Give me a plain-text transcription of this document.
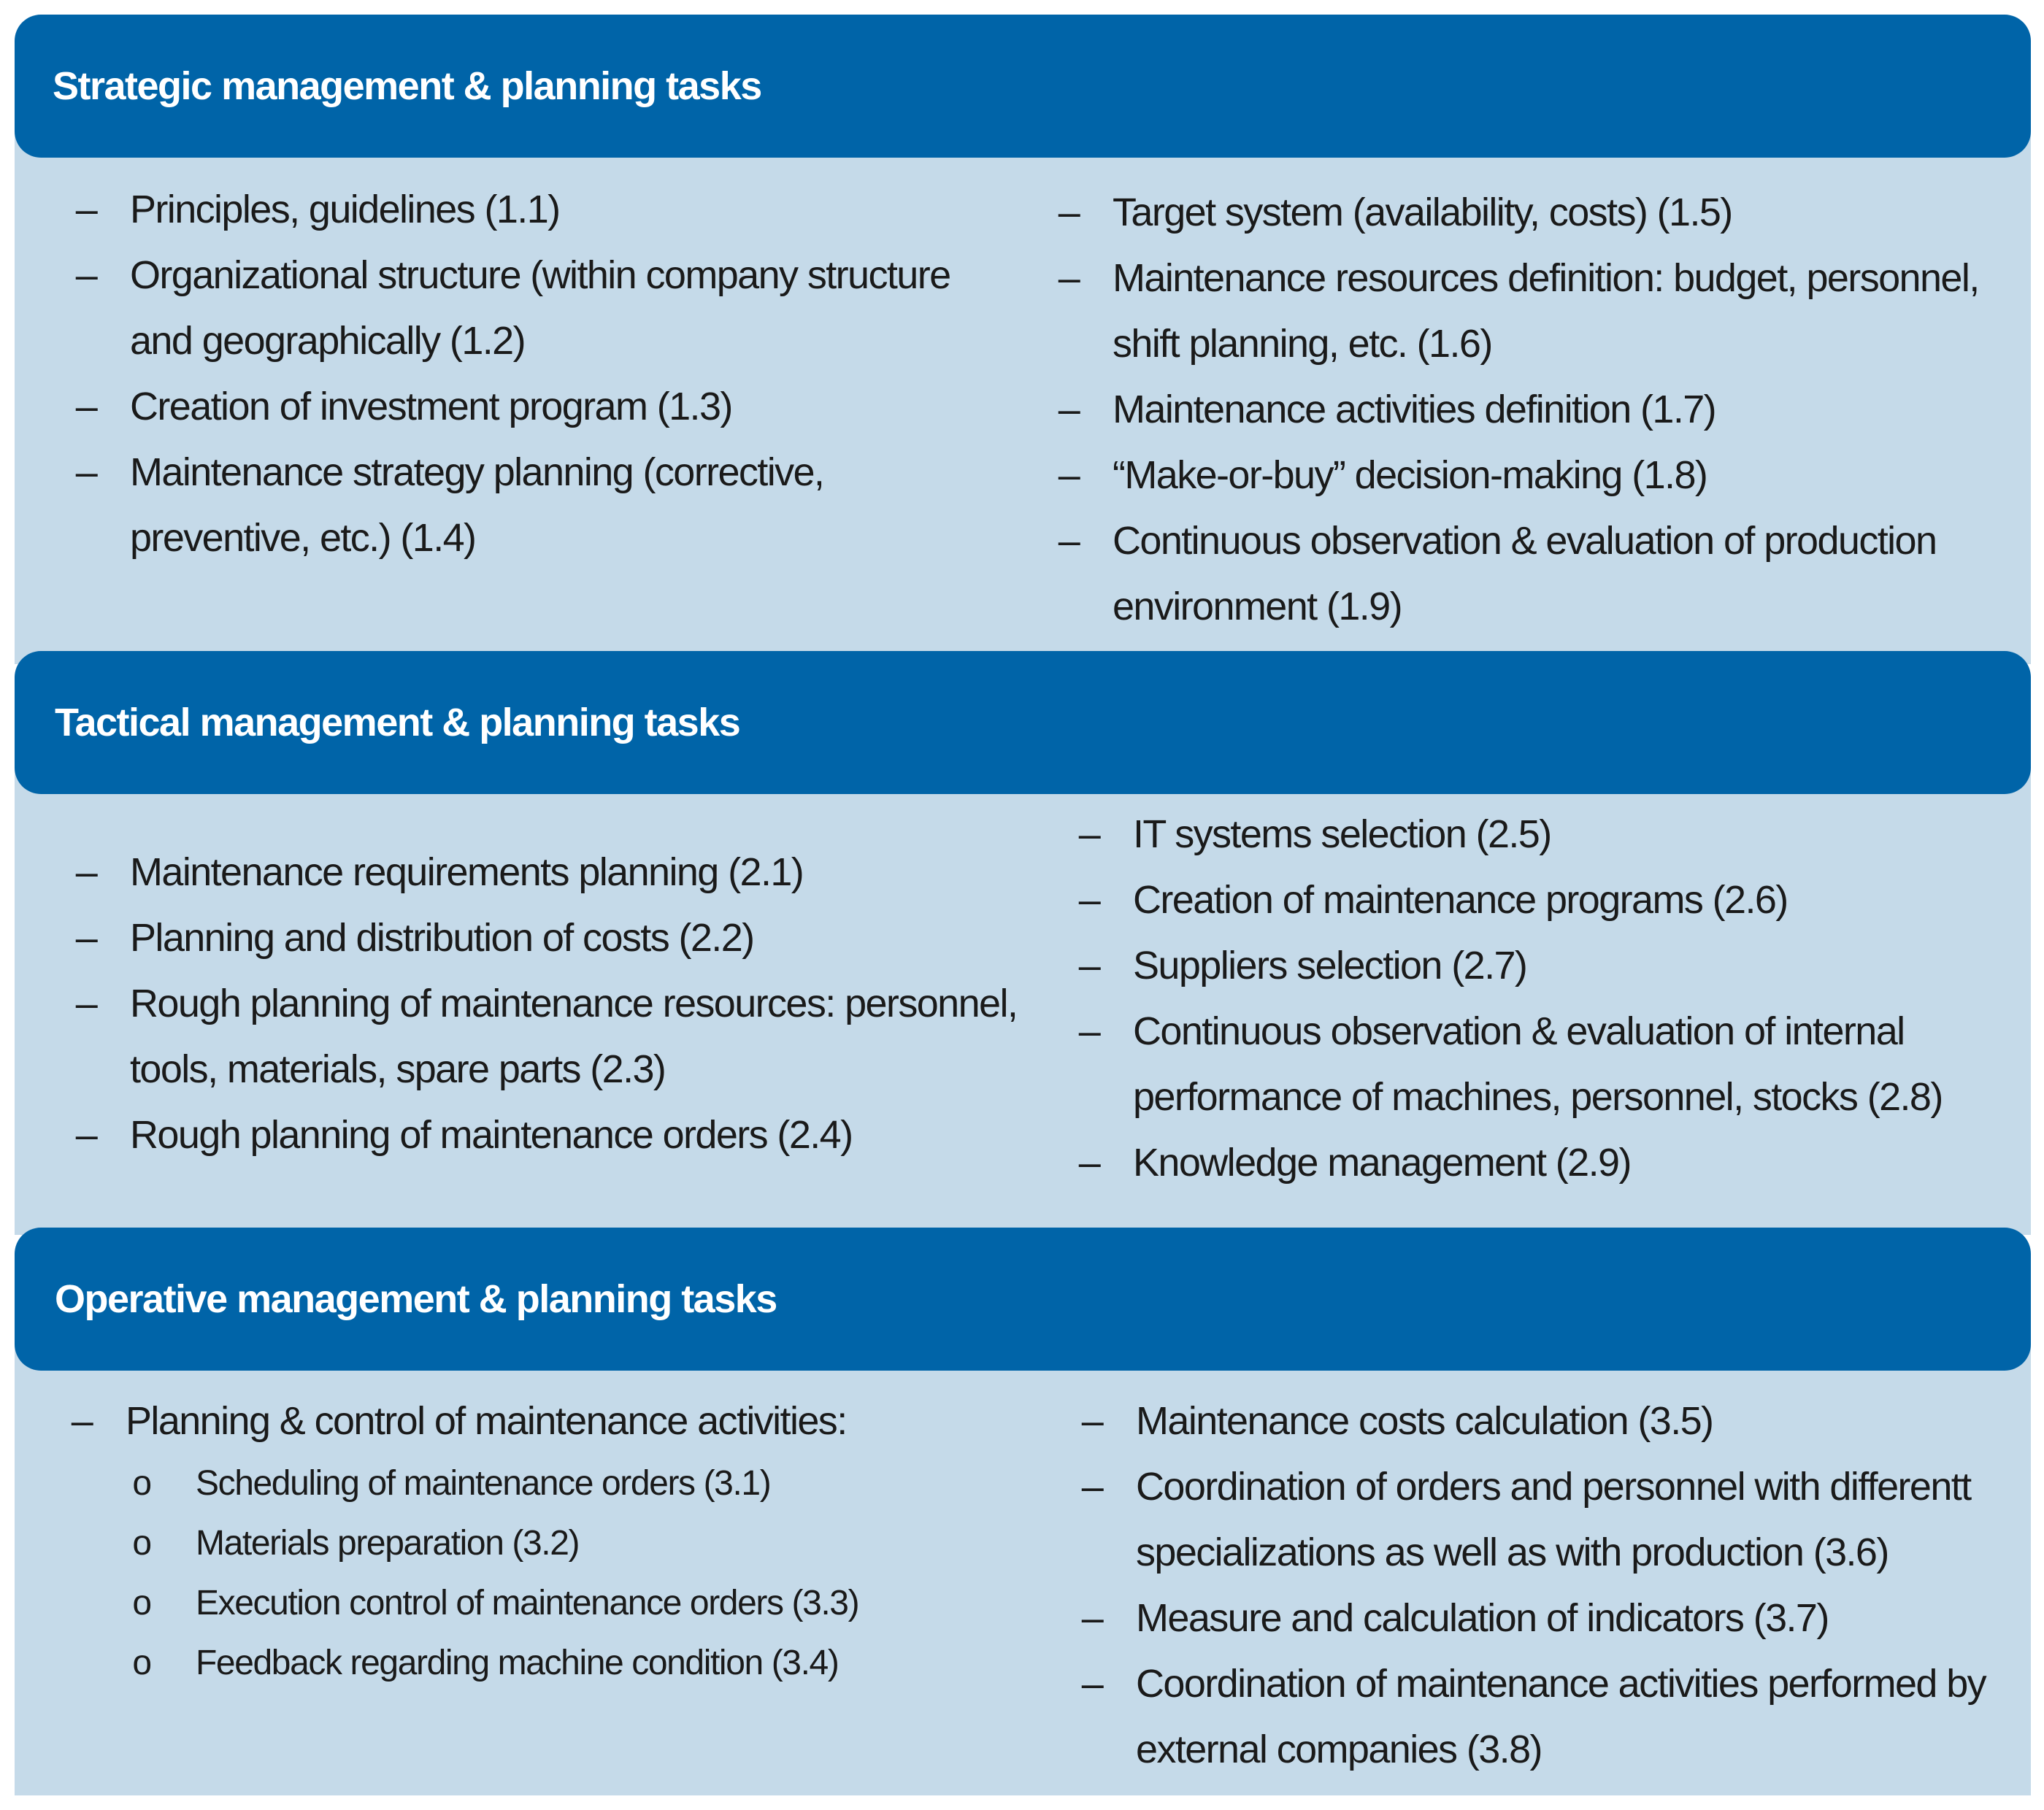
Strategic management & planning tasks
– Principles, guidelines (1.1)
– Organizational structure (within company structure
and geographically (1.2)
– Creation of investment program (1.3)
– Maintenance strategy planning (corrective,
preventive, etc.) (1.4)
– Target system (availability, costs) (1.5)
– Maintenance resources definition: budget, personnel,
shift planning, etc. (1.6)
– Maintenance activities definition (1.7)
– “Make-or-buy” decision-making (1.8)
– Continuous observation & evaluation of production
environment (1.9)
Tactical management & planning tasks
– Maintenance requirements planning (2.1)
– Planning and distribution of costs (2.2)
– Rough planning of maintenance resources: personnel,
tools, materials, spare parts (2.3)
– Rough planning of maintenance orders (2.4)
– IT systems selection (2.5)
– Creation of maintenance programs (2.6)
– Suppliers selection (2.7)
– Continuous observation & evaluation of internal
performance of machines, personnel, stocks (2.8)
– Knowledge management (2.9)
Operative management & planning tasks
– Planning & control of maintenance activities:
o Scheduling of maintenance orders (3.1)
o Materials preparation (3.2)
o Execution control of maintenance orders (3.3)
o Feedback regarding machine condition (3.4)
– Maintenance costs calculation (3.5)
– Coordination of orders and personnel with differentt
specializations as well as with production (3.6)
– Measure and calculation of indicators (3.7)
– Coordination of maintenance activities performed by
external companies (3.8)
